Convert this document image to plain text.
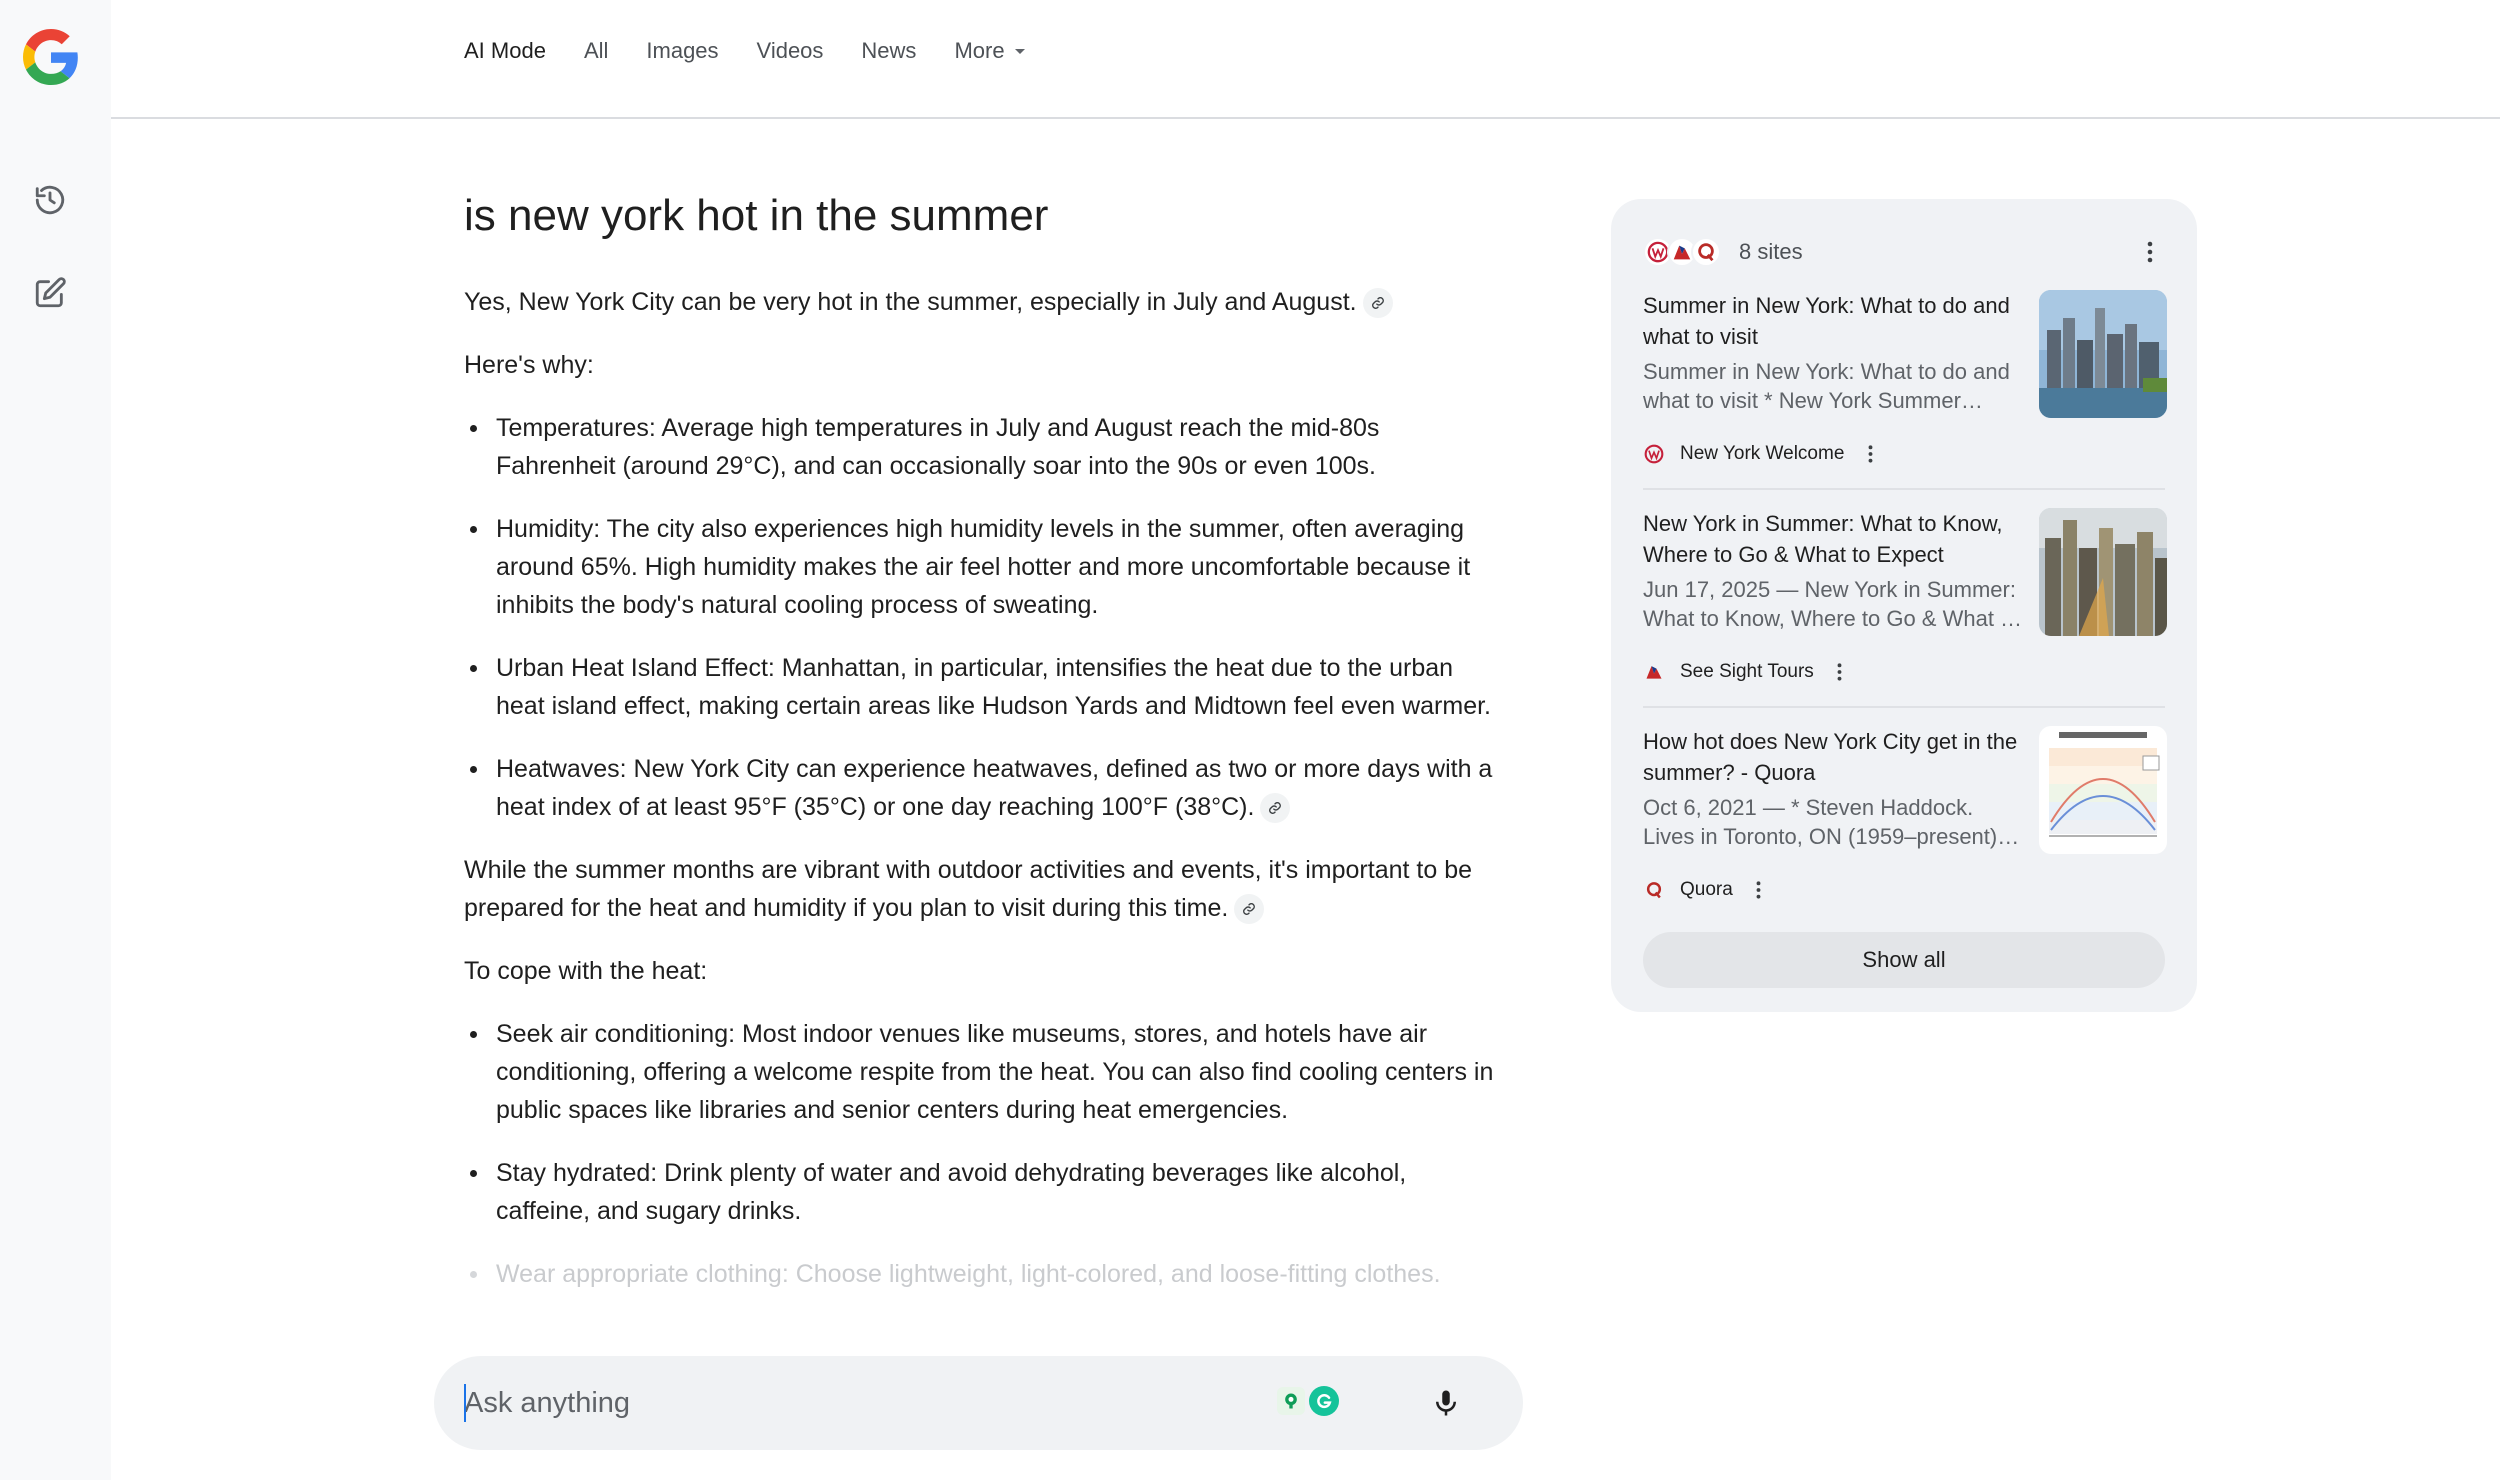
AI Mode All Images Videos News More
is new york hot in the summer

Yes, New York City can be very hot in the summer, especially in July and August.

Here's why:

Temperatures: Average high temperatures in July and August reach the mid-80s Fahrenheit (around 29°C), and can occasionally soar into the 90s or even 100s.
Humidity: The city also experiences high humidity levels in the summer, often averaging around 65%. High humidity makes the air feel hotter and more uncomfortable because it inhibits the body's natural cooling process of sweating.
Urban Heat Island Effect: Manhattan, in particular, intensifies the heat due to the urban heat island effect, making certain areas like Hudson Yards and Midtown feel even warmer.
Heatwaves: New York City can experience heatwaves, defined as two or more days with a heat index of at least 95°F (35°C) or one day reaching 100°F (38°C).

While the summer months are vibrant with outdoor activities and events, it's important to be prepared for the heat and humidity if you plan to visit during this time.

To cope with the heat:

Seek air conditioning: Most indoor venues like museums, stores, and hotels have air conditioning, offering a welcome respite from the heat. You can also find cooling centers in public spaces like libraries and senior centers during heat emergencies.
Stay hydrated: Drink plenty of water and avoid dehydrating beverages like alcohol, caffeine, and sugary drinks.
Wear appropriate clothing: Choose lightweight, light-colored, and loose-fitting clothes.
Ask anything
8 sites
Summer in New York: What to do and what to visit
Summer in New York: What to do and what to visit * New York Summer…
New York Welcome
New York in Summer: What to Know, Where to Go & What to Expect
Jun 17, 2025 — New York in Summer: What to Know, Where to Go & What …
See Sight Tours
How hot does New York City get in the summer? - Quora
Oct 6, 2021 — * Steven Haddock. Lives in Toronto, ON (1959–present)…
Quora
Show all
